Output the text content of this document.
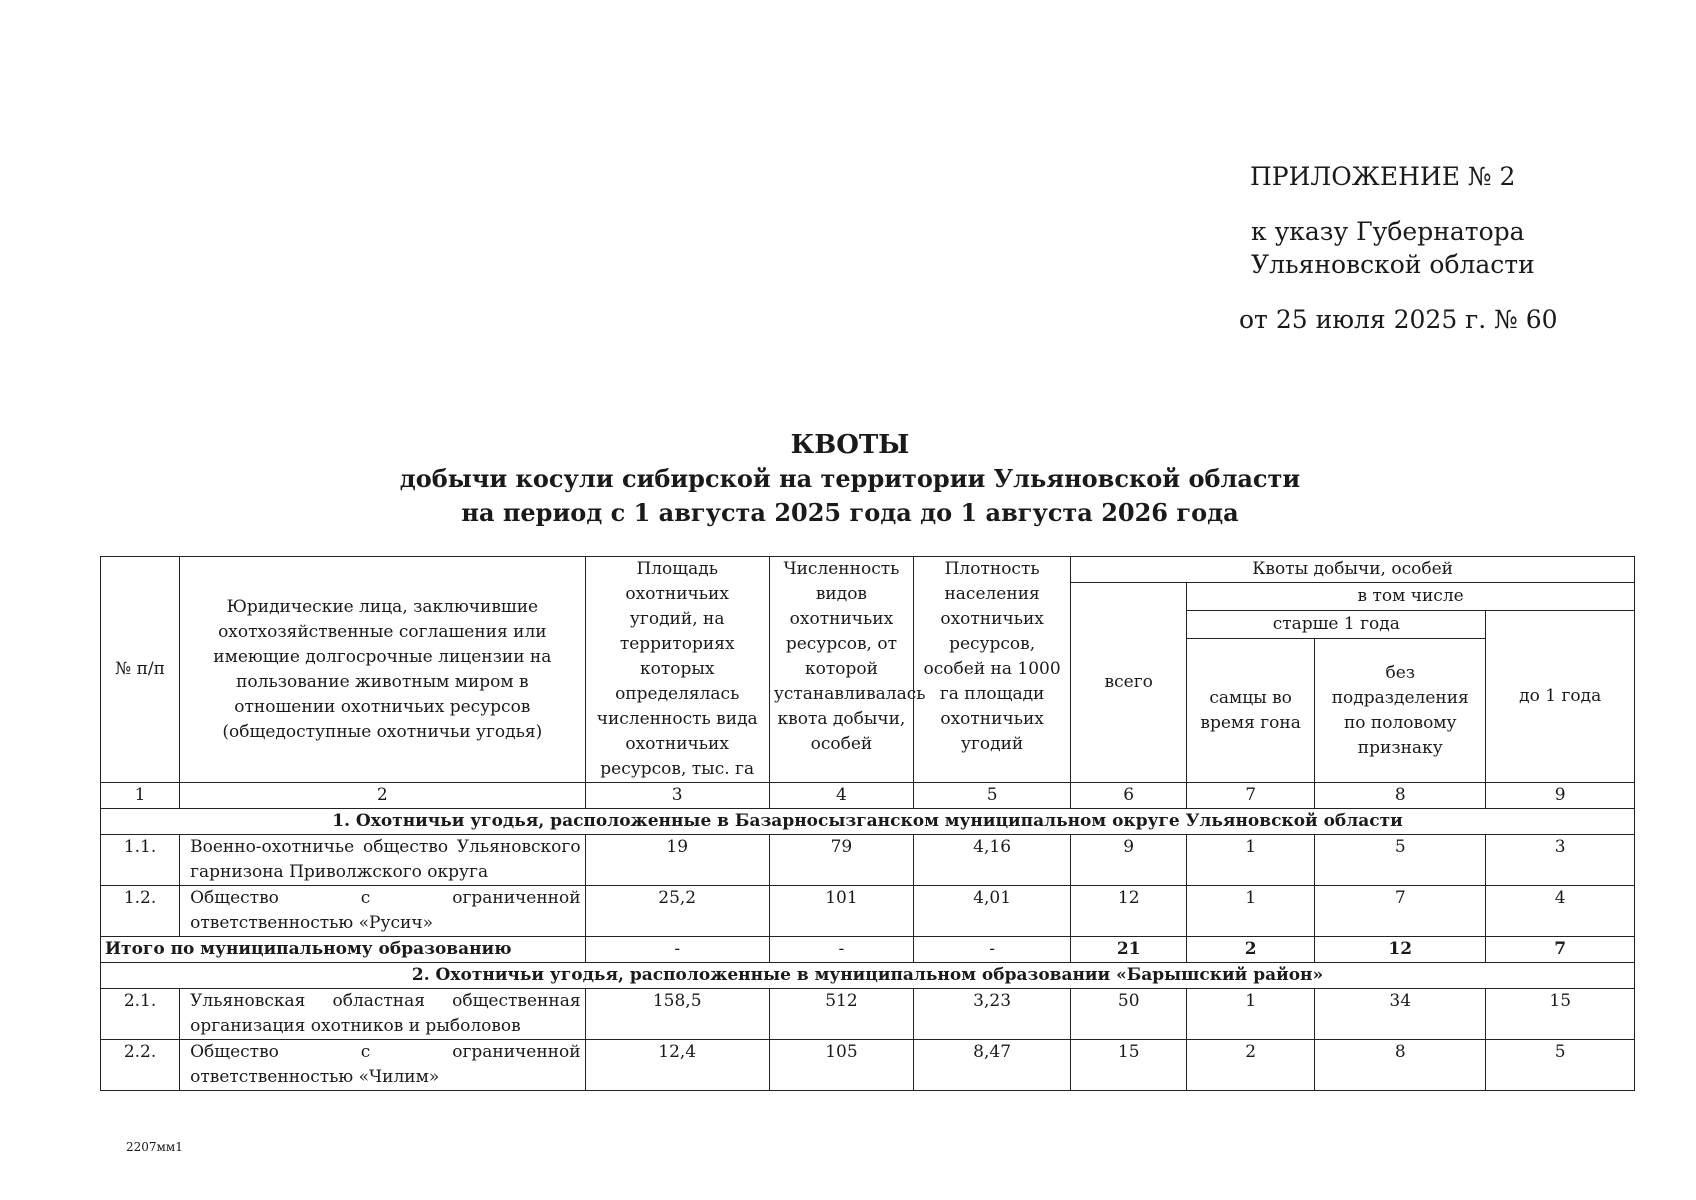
ПРИЛОЖЕНИЕ № 2
к указу Губернатора
Ульяновской области
от 25 июля 2025 г. № 60
КВОТЫ
добычи косули сибирской на территории Ульяновской области
на период с 1 августа 2025 года до 1 августа 2026 года
№ п/п	Юридические лица, заключившие охотхозяйственные соглашения или имеющие долгосрочные лицензии на пользование животным миром в отношении охотничьих ресурсов (общедоступные охотничьи угодья)	Площадь охотничьих угодий, на территориях которых определялась численность вида охотничьих ресурсов, тыс. га	Численность видов охотничьих ресурсов, от которой устанавливалась квота добычи, особей	Плотность населения охотничьих ресурсов, особей на 1000 га площади охотничьих угодий	Квоты добычи, особей			
					всего	в том числе		
						старше 1 года		до 1 года
						самцы во время гона	без подразделения по половому признаку	
1	2	3	4	5	6	7	8	9
1. Охотничьи угодья, расположенные в Базарносызганском муниципальном округе Ульяновской области								
1.1.	Военно-охотничье общество Ульяновского гарнизона Приволжского округа	19	79	4,16	9	1	5	3
1.2.	Общество с ограниченной ответственностью «Русич»	25,2	101	4,01	12	1	7	4
Итого по муниципальному образованию		-	-	-	21	2	12	7
2. Охотничьи угодья, расположенные в муниципальном образовании «Барышский район»								
2.1.	Ульяновская областная общественная организация охотников и рыболовов	158,5	512	3,23	50	1	34	15
2.2.	Общество с ограниченной ответственностью «Чилим»	12,4	105	8,47	15	2	8	5
2207мм1
